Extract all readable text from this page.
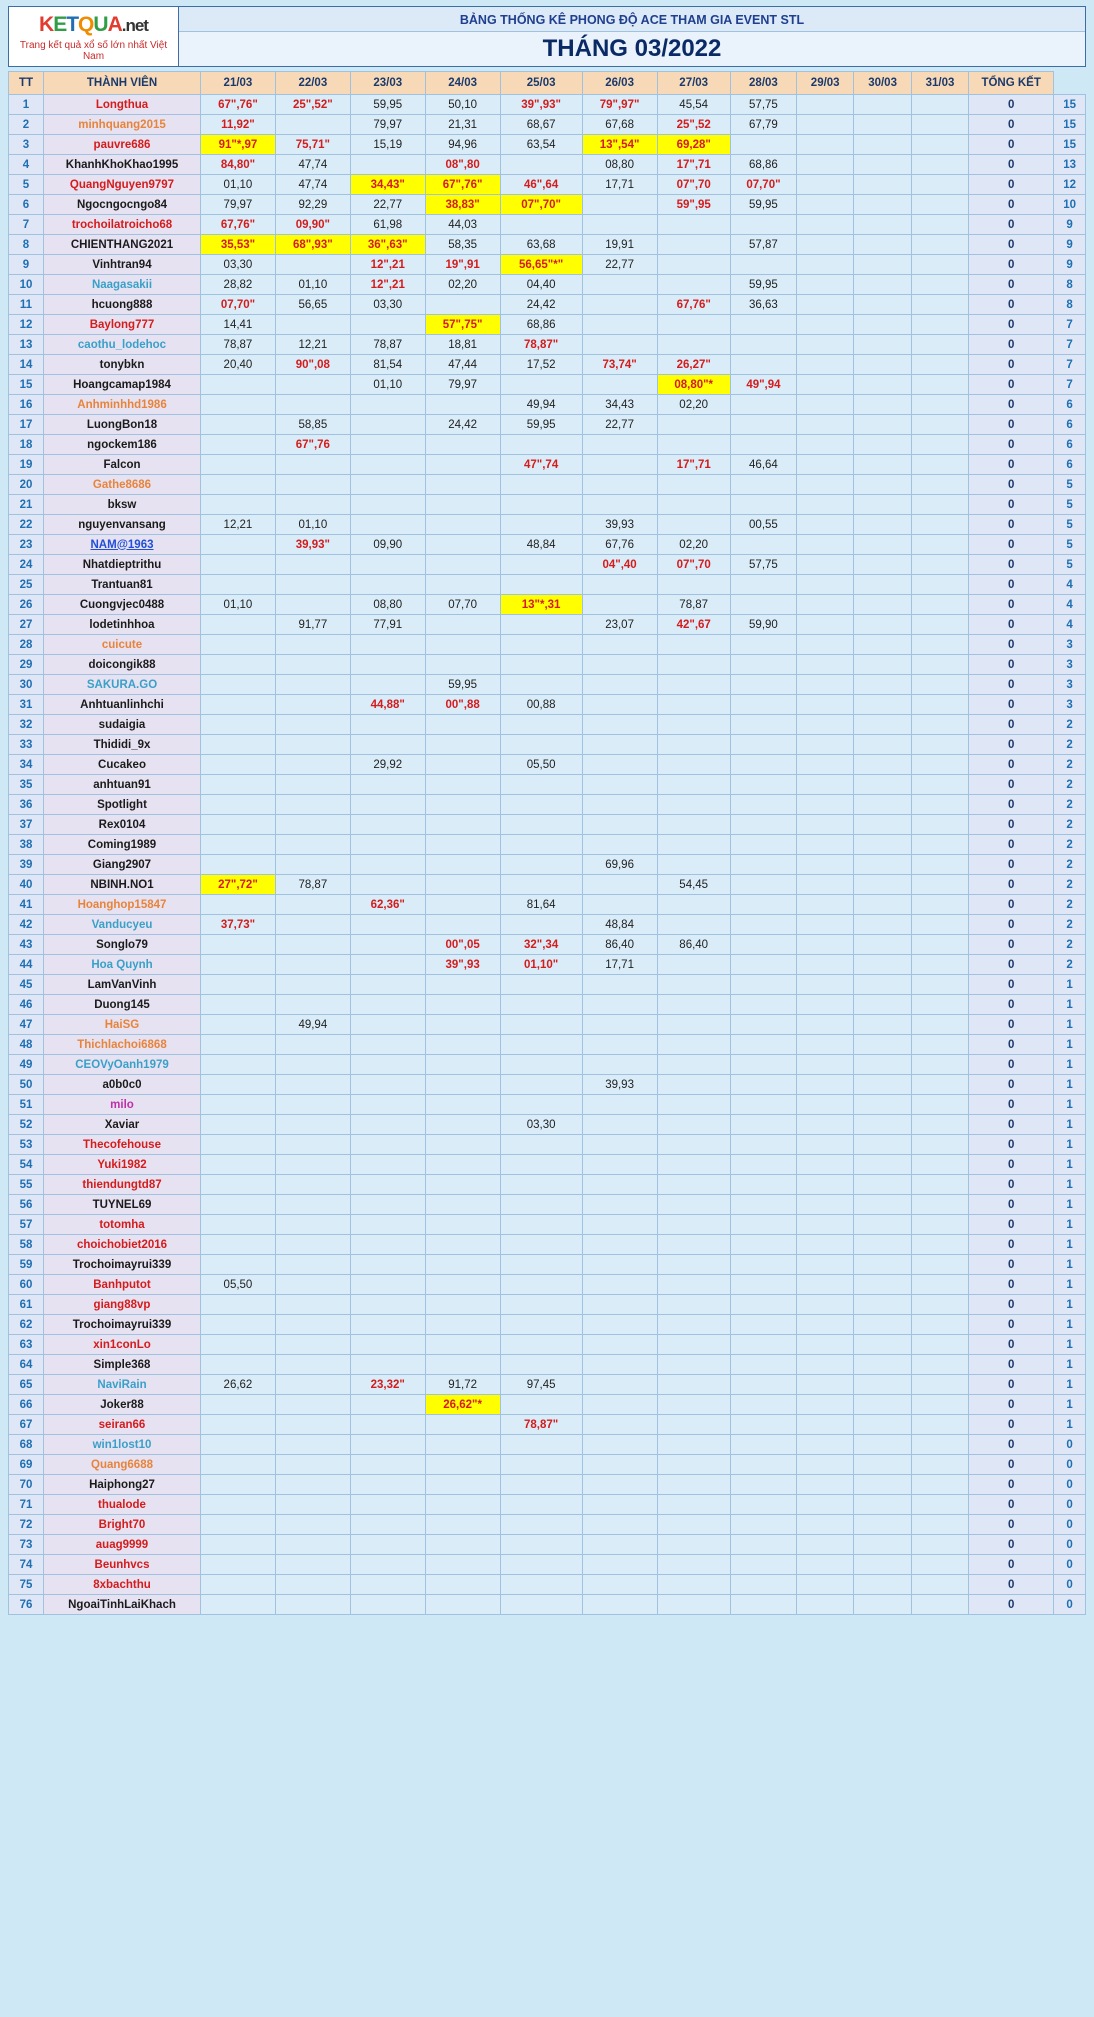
KETQUA.net
Trang kết quả xổ số lớn nhất Việt Nam
BẢNG THỐNG KÊ PHONG ĐỘ ACE THAM GIA EVENT STL
THÁNG 03/2022
TT	THÀNH VIÊN	21/03	22/03	23/03	24/03	25/03	26/03	27/03	28/03	29/03	30/03	31/03	TỔNG KẾT	
1	Longthua	67",76"	25",52"	59,95	50,10	39",93"	79",97"	45,54	57,75				0	15
2	minhquang2015	11,92"		79,97	21,31	68,67	67,68	25",52	67,79				0	15
3	pauvre686	91"*,97	75,71"	15,19	94,96	63,54	13",54"	69,28"					0	15
4	KhanhKhoKhao1995	84,80"	47,74		08",80		08,80	17",71	68,86				0	13
5	QuangNguyen9797	01,10	47,74	34,43"	67",76"	46",64	17,71	07",70	07,70"				0	12
6	Ngocngocngo84	79,97	92,29	22,77	38,83"	07",70"		59",95	59,95				0	10
7	trochoilatroicho68	67,76"	09,90"	61,98	44,03								0	9
8	CHIENTHANG2021	35,53"	68",93"	36",63"	58,35	63,68	19,91		57,87				0	9
9	Vinhtran94	03,30		12",21	19",91	56,65"*"	22,77						0	9
10	Naagasakii	28,82	01,10	12",21	02,20	04,40			59,95				0	8
11	hcuong888	07,70"	56,65	03,30		24,42		67,76"	36,63				0	8
12	Baylong777	14,41			57",75"	68,86							0	7
13	caothu_lodehoc	78,87	12,21	78,87	18,81	78,87"							0	7
14	tonybkn	20,40	90",08	81,54	47,44	17,52	73,74"	26,27"					0	7
15	Hoangcamap1984			01,10	79,97			08,80"*	49",94				0	7
16	Anhminhhd1986					49,94	34,43	02,20					0	6
17	LuongBon18		58,85		24,42	59,95	22,77						0	6
18	ngockem186		67",76										0	6
19	Falcon					47",74		17",71	46,64				0	6
20	Gathe8686												0	5
21	bksw												0	5
22	nguyenvansang	12,21	01,10				39,93		00,55				0	5
23	NAM@1963		39,93"	09,90		48,84	67,76	02,20					0	5
24	Nhatdieptrithu						04",40	07",70	57,75				0	5
25	Trantuan81												0	4
26	Cuongvjec0488	01,10		08,80	07,70	13"*,31		78,87					0	4
27	lodetinhhoa		91,77	77,91			23,07	42",67	59,90				0	4
28	cuicute												0	3
29	doicongik88												0	3
30	SAKURA.GO				59,95								0	3
31	Anhtuanlinhchi			44,88"	00",88	00,88							0	3
32	sudaigia												0	2
33	Thididi_9x												0	2
34	Cucakeo			29,92		05,50							0	2
35	anhtuan91												0	2
36	Spotlight												0	2
37	Rex0104												0	2
38	Coming1989												0	2
39	Giang2907						69,96						0	2
40	NBINH.NO1	27",72"	78,87					54,45					0	2
41	Hoanghop15847			62,36"		81,64							0	2
42	Vanducyeu	37,73"					48,84						0	2
43	Songlo79				00",05	32",34	86,40	86,40					0	2
44	Hoa Quynh				39",93	01,10"	17,71						0	2
45	LamVanVinh												0	1
46	Duong145												0	1
47	HaiSG		49,94										0	1
48	Thichlachoi6868												0	1
49	CEOVyOanh1979												0	1
50	a0b0c0						39,93						0	1
51	milo												0	1
52	Xaviar					03,30							0	1
53	Thecofehouse												0	1
54	Yuki1982												0	1
55	thiendungtd87												0	1
56	TUYNEL69												0	1
57	totomha												0	1
58	choichobiet2016												0	1
59	Trochoimayrui339												0	1
60	Banhputot	05,50											0	1
61	giang88vp												0	1
62	Trochoimayrui339												0	1
63	xin1conLo												0	1
64	Simple368												0	1
65	NaviRain	26,62		23,32"	91,72	97,45							0	1
66	Joker88				26,62"*								0	1
67	seiran66					78,87"							0	1
68	win1lost10												0	0
69	Quang6688												0	0
70	Haiphong27												0	0
71	thualode												0	0
72	Bright70												0	0
73	auag9999												0	0
74	Beunhvcs												0	0
75	8xbachthu												0	0
76	NgoaiTinhLaiKhach												0	0
